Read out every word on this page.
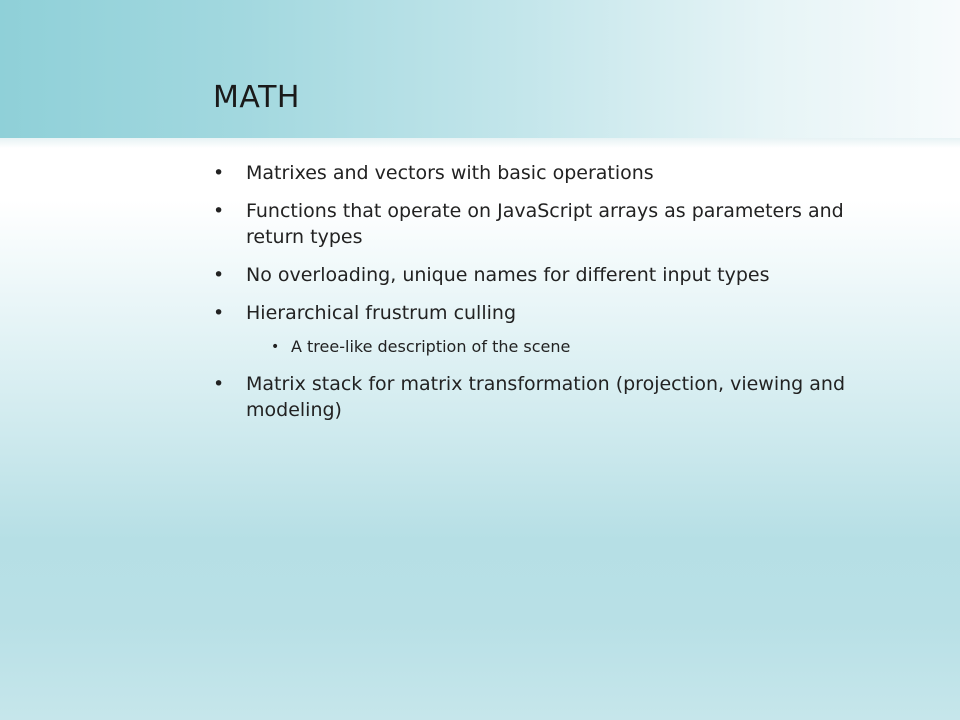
MATH
• Matrixes and vectors with basic operations
• Functions that operate on JavaScript arrays as parameters and return types
• No overloading, unique names for different input types
• Hierarchical frustrum culling
• A tree-like description of the scene
• Matrix stack for matrix transformation (projection, viewing and modeling)
